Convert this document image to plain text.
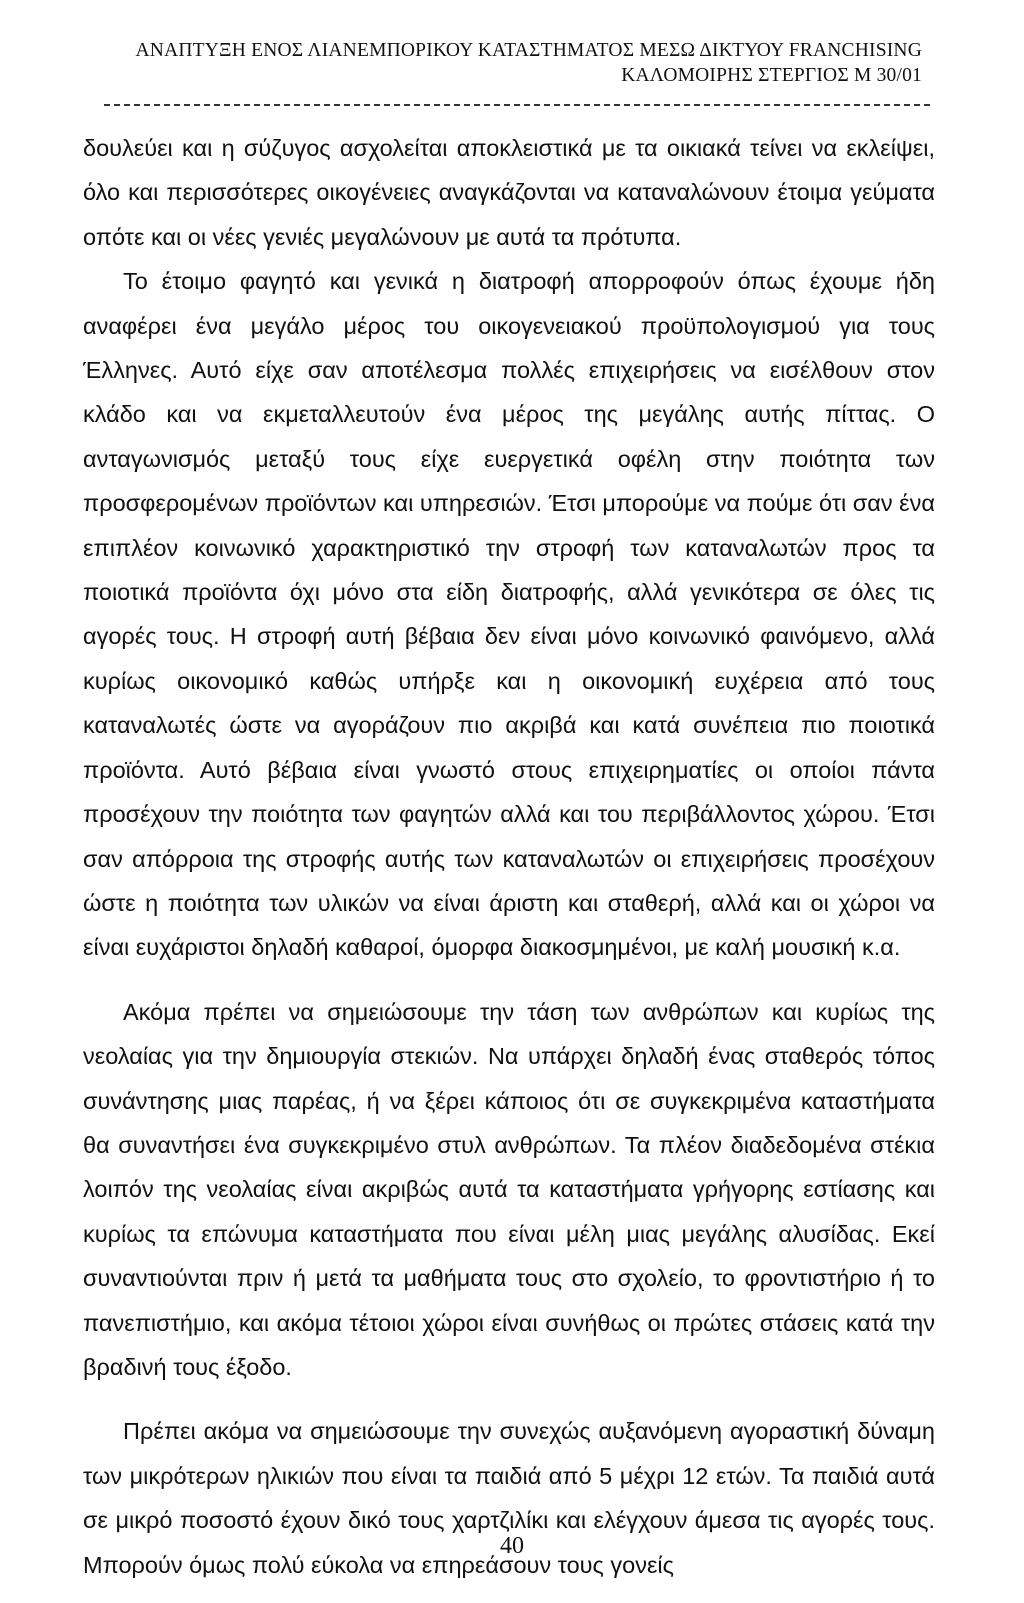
ΑΝΑΠΤΥΞΗ ΕΝΟΣ ΛΙΑΝΕΜΠΟΡΙΚΟΥ ΚΑΤΑΣΤΗΜΑΤΟΣ ΜΕΣΩ ΔΙΚΤΥΟΥ FRANCHISING
ΚΑΛΟΜΟΙΡΗΣ ΣΤΕΡΓΙΟΣ Μ 30/01

δουλεύει και η σύζυγος ασχολείται αποκλειστικά με τα οικιακά τείνει να εκλείψει, όλο και περισσότερες οικογένειες αναγκάζονται να καταναλώνουν έτοιμα γεύματα οπότε και οι νέες γενιές μεγαλώνουν με αυτά τα πρότυπα.

Το έτοιμο φαγητό και γενικά η διατροφή απορροφούν όπως έχουμε ήδη αναφέρει ένα μεγάλο μέρος του οικογενειακού προϋπολογισμού για τους Έλληνες. Αυτό είχε σαν αποτέλεσμα πολλές επιχειρήσεις να εισέλθουν στον κλάδο και να εκμεταλλευτούν ένα μέρος της μεγάλης αυτής πίττας. Ο ανταγωνισμός μεταξύ τους είχε ευεργετικά οφέλη στην ποιότητα των προσφερομένων προϊόντων και υπηρεσιών. Έτσι μπορούμε να πούμε ότι σαν ένα επιπλέον κοινωνικό χαρακτηριστικό την στροφή των καταναλωτών προς τα ποιοτικά προϊόντα όχι μόνο στα είδη διατροφής, αλλά γενικότερα σε όλες τις αγορές τους. Η στροφή αυτή βέβαια δεν είναι μόνο κοινωνικό φαινόμενο, αλλά κυρίως οικονομικό καθώς υπήρξε και η οικονομική ευχέρεια από τους καταναλωτές ώστε να αγοράζουν πιο ακριβά και κατά συνέπεια πιο ποιοτικά προϊόντα. Αυτό βέβαια είναι γνωστό στους επιχειρηματίες οι οποίοι πάντα προσέχουν την ποιότητα των φαγητών αλλά και του περιβάλλοντος χώρου. Έτσι σαν απόρροια της στροφής αυτής των καταναλωτών οι επιχειρήσεις προσέχουν ώστε η ποιότητα των υλικών να είναι άριστη και σταθερή, αλλά και οι χώροι να είναι ευχάριστοι δηλαδή καθαροί, όμορφα διακοσμημένοι, με καλή μουσική κ.α.

Ακόμα πρέπει να σημειώσουμε την τάση των ανθρώπων και κυρίως της νεολαίας για την δημιουργία στεκιών. Να υπάρχει δηλαδή ένας σταθερός τόπος συνάντησης μιας παρέας, ή να ξέρει κάποιος ότι σε συγκεκριμένα καταστήματα θα συναντήσει ένα συγκεκριμένο στυλ ανθρώπων. Τα πλέον διαδεδομένα στέκια λοιπόν της νεολαίας είναι ακριβώς αυτά τα καταστήματα γρήγορης εστίασης και κυρίως τα επώνυμα καταστήματα που είναι μέλη μιας μεγάλης αλυσίδας. Εκεί συναντιούνται πριν ή μετά τα μαθήματα τους στο σχολείο, το φροντιστήριο ή το πανεπιστήμιο, και ακόμα τέτοιοι χώροι είναι συνήθως οι πρώτες στάσεις κατά την βραδινή τους έξοδο.

Πρέπει ακόμα να σημειώσουμε την συνεχώς αυξανόμενη αγοραστική δύναμη των μικρότερων ηλικιών που είναι τα παιδιά από 5 μέχρι 12 ετών. Τα παιδιά αυτά σε μικρό ποσοστό έχουν δικό τους χαρτζιλίκι και ελέγχουν άμεσα τις αγορές τους. Μπορούν όμως πολύ εύκολα να επηρεάσουν τους γονείς

40
